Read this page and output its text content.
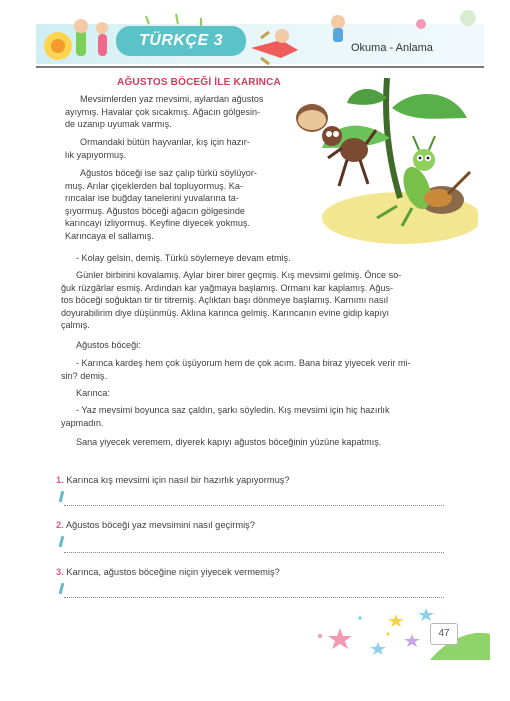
TÜRKÇE 3	Okuma - Anlama
AĞUSTOS BÖCEĞİ İLE KARINCA
Mevsimlerden yaz mevsimi, aylardan ağustos
ayıymış. Havalar çok sıcakmış. Ağacın gölgesin-
de uzanıp uyumak varmış.
Ormandaki bütün hayvanlar, kış için hazır-
lık yapıyormuş.
Ağustos böceği ise saz çalıp türkü söylüyor-
muş. Arılar çiçeklerden bal topluyormuş. Ka-
rıncalar ise buğday tanelerini yuvalarına ta-
şıyormuş. Ağustos böceği ağacın gölgesinde
karıncayı izliyormuş. Keyfine diyecek yokmuş.
Karıncaya el sallamış.
- Kolay gelsin, demiş. Türkü söylemeye devam etmiş.
Günler birbirini kovalamış. Aylar birer birer geçmiş. Kış mevsimi gelmiş. Önce so-
ğuk rüzgârlar esmiş. Ardından kar yağmaya başlamış. Ormanı kar kaplamış. Ağus-
tos böceği soğuktan tir tir titremiş. Açlıktan başı dönmeye başlamış. Karnımı nasıl
doyurabilirim diye düşünmüş. Aklına karınca gelmiş. Karıncanın evine gidip kapıyı
çalmış.
Ağustos böceği:
- Karınca kardeş hem çok üşüyorum hem de çok acım. Bana biraz yiyecek verir mi-
sin? demiş.
Karınca:
- Yaz mevsimi boyunca saz çaldın, şarkı söyledin. Kış mevsimi için hiç hazırlık
yapmadın.
Sana yiyecek veremem, diyerek kapıyı ağustos böceğinin yüzüne kapatmış.
1. Karınca kış mevsimi için nasıl bir hazırlık yapıyormuş?
2. Ağustos böceği yaz mevsimini nasıl geçirmiş?
3. Karınca, ağustos böceğine niçin yiyecek vermemiş?
47
